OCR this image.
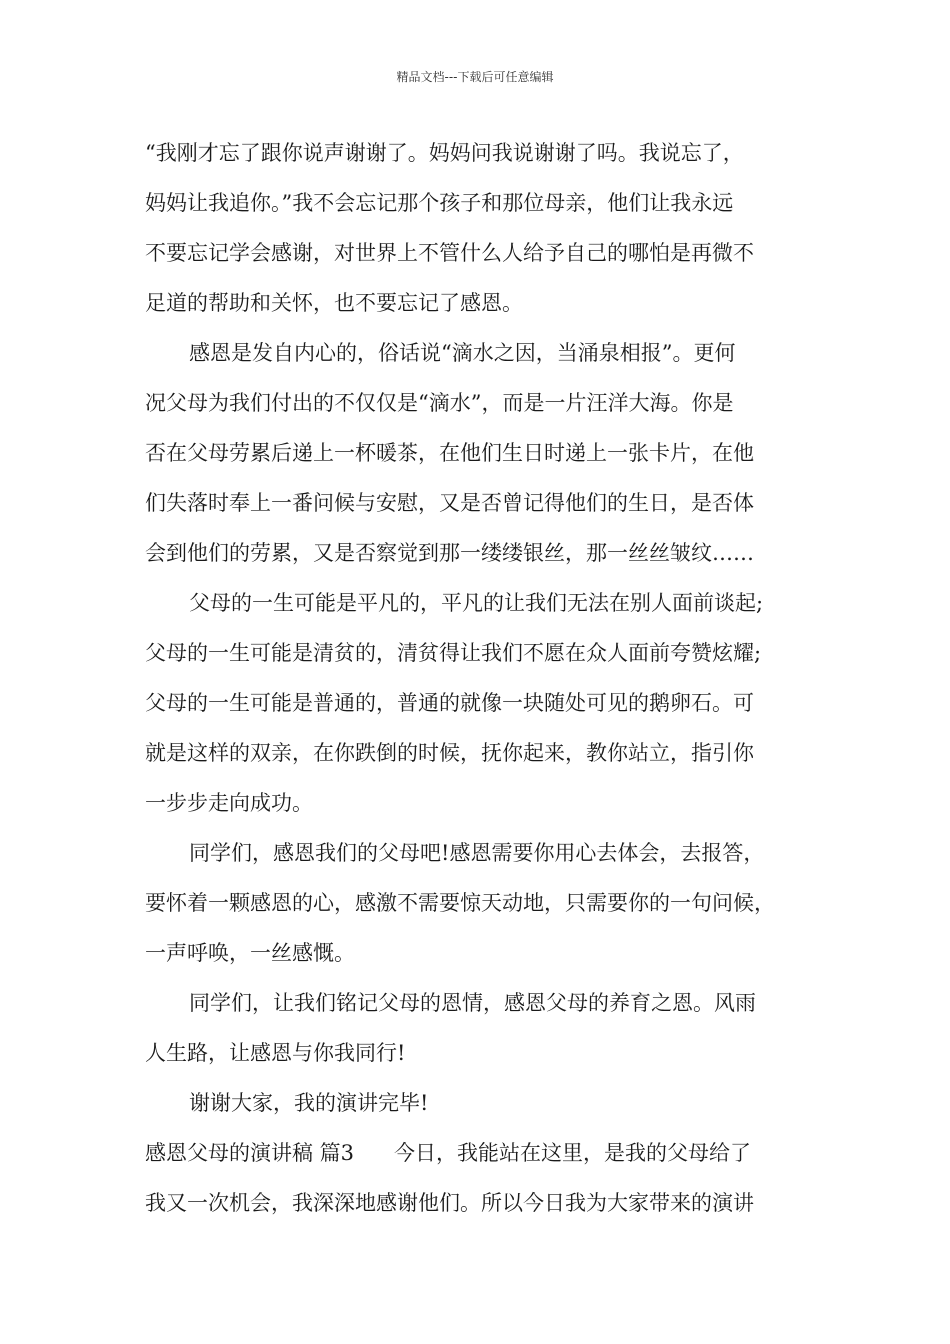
精品文档---下载后可任意编辑
“我刚才忘了跟你说声谢谢了。妈妈问我说谢谢了吗。我说忘了，
妈妈让我追你。”我不会忘记那个孩子和那位母亲，他们让我永远
不要忘记学会感谢，对世界上不管什么人给予自己的哪怕是再微不
足道的帮助和关怀，也不要忘记了感恩。
感恩是发自内心的，俗话说“滴水之因，当涌泉相报”。更何
况父母为我们付出的不仅仅是“滴水”，而是一片汪洋大海。你是
否在父母劳累后递上一杯暖茶，在他们生日时递上一张卡片，在他
们失落时奉上一番问候与安慰，又是否曾记得他们的生日，是否体
会到他们的劳累，又是否察觉到那一缕缕银丝，那一丝丝皱纹……
父母的一生可能是平凡的，平凡的让我们无法在别人面前谈起;
父母的一生可能是清贫的，清贫得让我们不愿在众人面前夸赞炫耀;
父母的一生可能是普通的，普通的就像一块随处可见的鹅卵石。可
就是这样的双亲，在你跌倒的时候，抚你起来，教你站立，指引你
一步步走向成功。
同学们，感恩我们的父母吧!感恩需要你用心去体会，去报答，
要怀着一颗感恩的心，感激不需要惊天动地，只需要你的一句问候，
一声呼唤，一丝感慨。
同学们，让我们铭记父母的恩情，感恩父母的养育之恩。风雨
人生路，让感恩与你我同行!
谢谢大家，我的演讲完毕!
感恩父母的演讲稿 篇3 今日，我能站在这里，是我的父母给了
我又一次机会，我深深地感谢他们。所以今日我为大家带来的演讲
